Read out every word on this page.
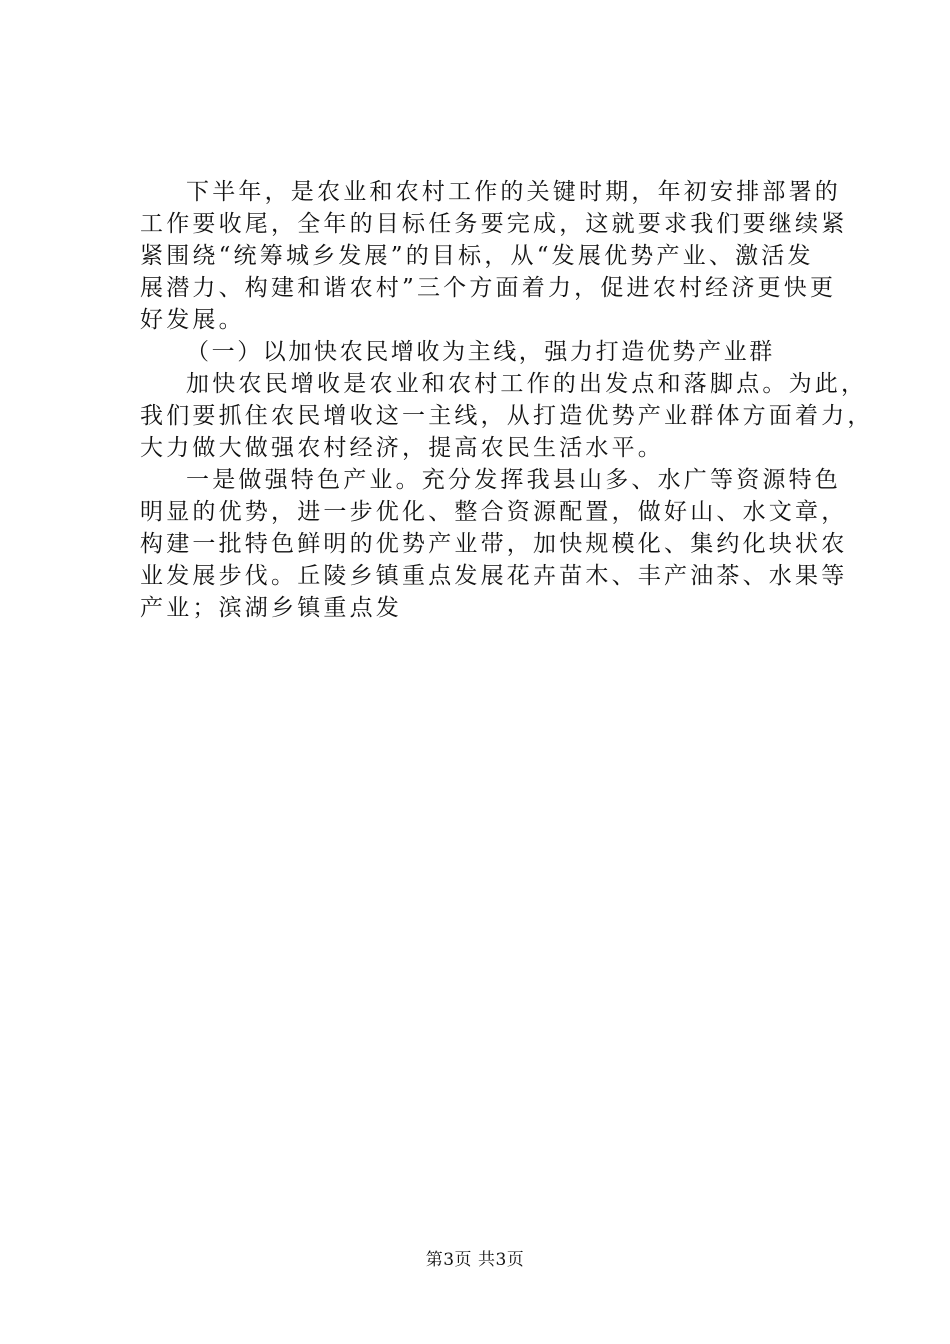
下半年，是农业和农村工作的关键时期，年初安排部署的
工作要收尾，全年的目标任务要完成，这就要求我们要继续紧
紧围绕“统筹城乡发展”的目标，从“发展优势产业、激活发
展潜力、构建和谐农村”三个方面着力，促进农村经济更快更
好发展。
（一）以加快农民增收为主线，强力打造优势产业群
加快农民增收是农业和农村工作的出发点和落脚点。为此，
我们要抓住农民增收这一主线，从打造优势产业群体方面着力，
大力做大做强农村经济，提高农民生活水平。
一是做强特色产业。充分发挥我县山多、水广等资源特色
明显的优势，进一步优化、整合资源配置，做好山、水文章，
构建一批特色鲜明的优势产业带，加快规模化、集约化块状农
业发展步伐。丘陵乡镇重点发展花卉苗木、丰产油茶、水果等
产业；滨湖乡镇重点发
第3页 共3页
